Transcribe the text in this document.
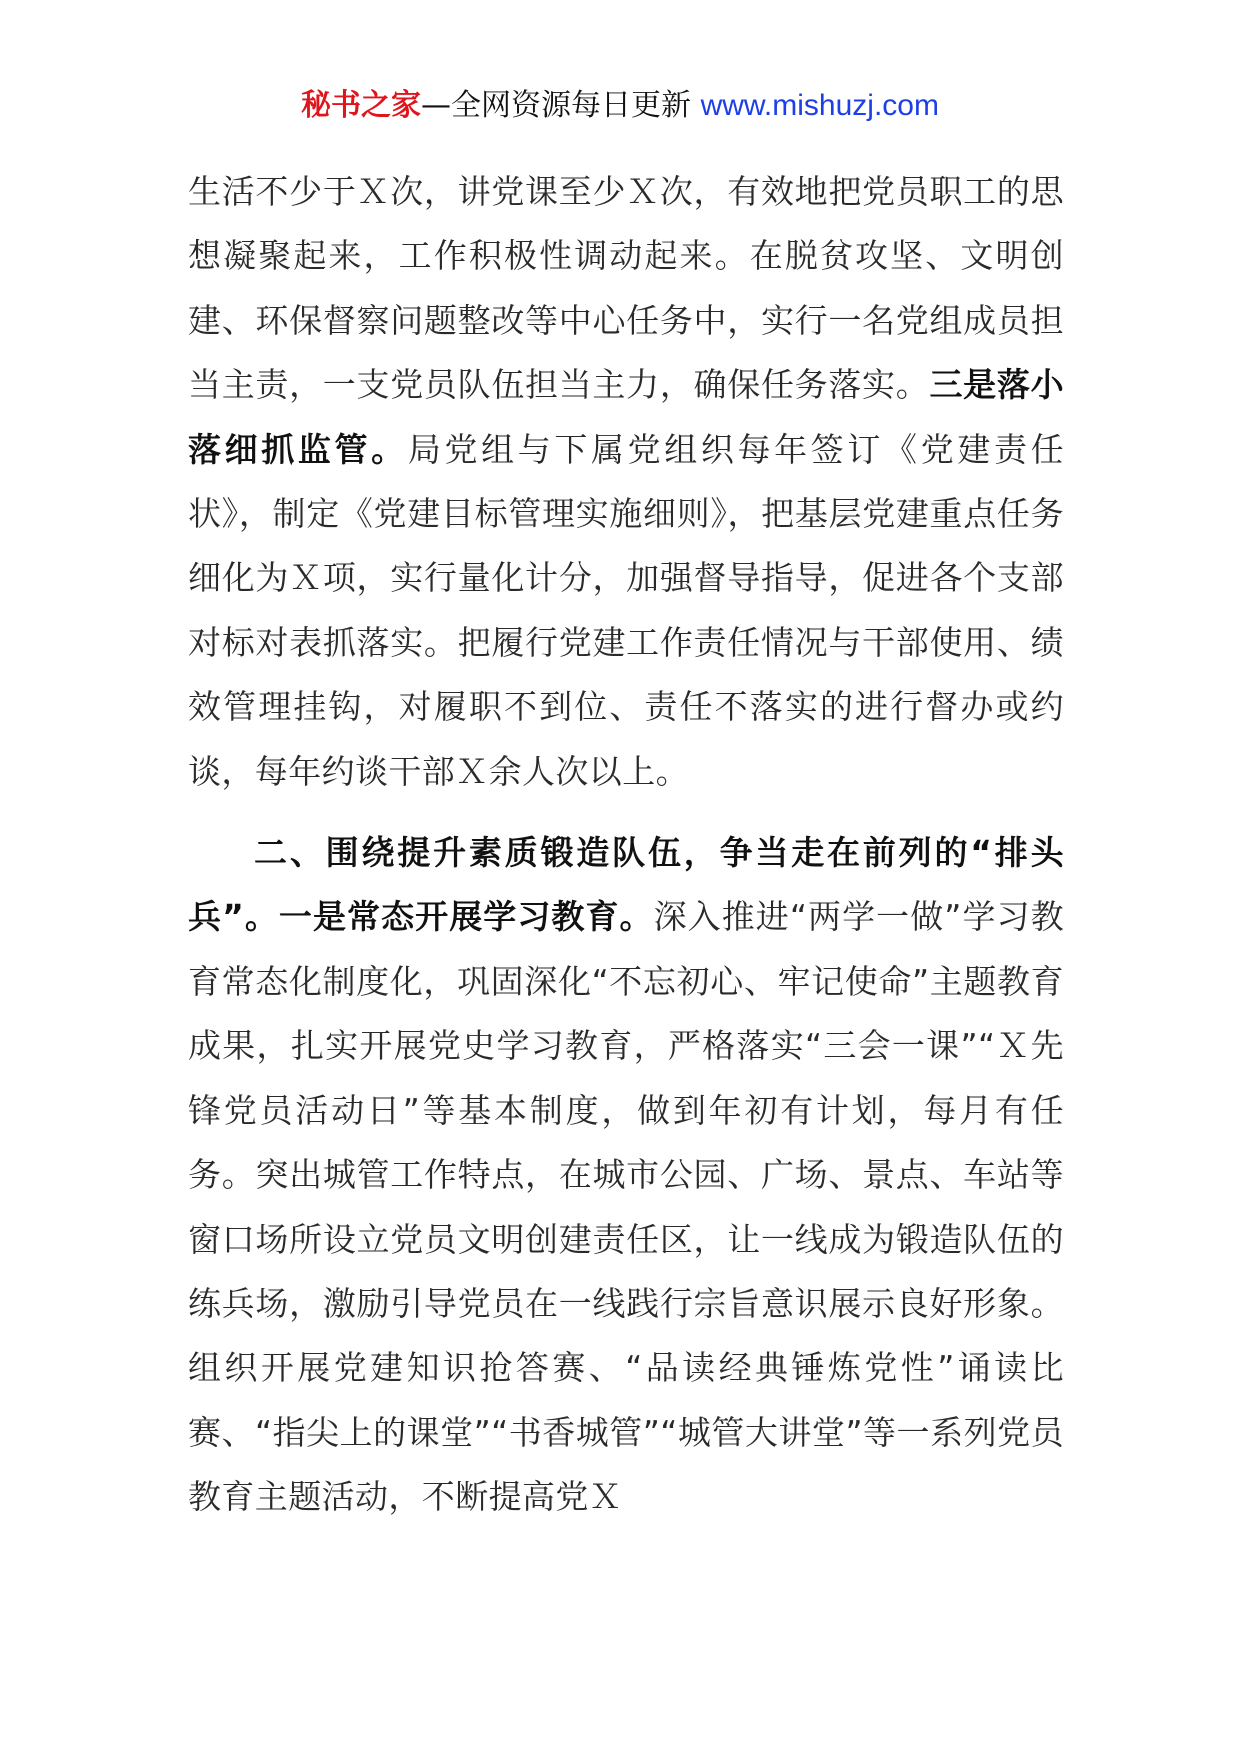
秘书之家—全网资源每日更新 www.mishuzj.com

生活不少于Ｘ次，讲党课至少Ｘ次，有效地把党员职工的思想凝聚起来，工作积极性调动起来。在脱贫攻坚、文明创建、环保督察问题整改等中心任务中，实行一名党组成员担当主责，一支党员队伍担当主力，确保任务落实。三是落小落细抓监管。局党组与下属党组织每年签订《党建责任状》，制定《党建目标管理实施细则》，把基层党建重点任务细化为Ｘ项，实行量化计分，加强督导指导，促进各个支部对标对表抓落实。把履行党建工作责任情况与干部使用、绩效管理挂钩，对履职不到位、责任不落实的进行督办或约谈，每年约谈干部Ｘ余人次以上。

二、围绕提升素质锻造队伍，争当走在前列的“排头兵”。一是常态开展学习教育。深入推进“两学一做”学习教育常态化制度化，巩固深化“不忘初心、牢记使命”主题教育成果，扎实开展党史学习教育，严格落实“三会一课”“Ｘ先锋党员活动日”等基本制度，做到年初有计划，每月有任务。突出城管工作特点，在城市公园、广场、景点、车站等窗口场所设立党员文明创建责任区，让一线成为锻造队伍的练兵场，激励引导党员在一线践行宗旨意识展示良好形象。组织开展党建知识抢答赛、“品读经典锤炼党性”诵读比赛、“指尖上的课堂”“书香城管”“城管大讲堂”等一系列党员教育主题活动，不断提高党Ｘ
